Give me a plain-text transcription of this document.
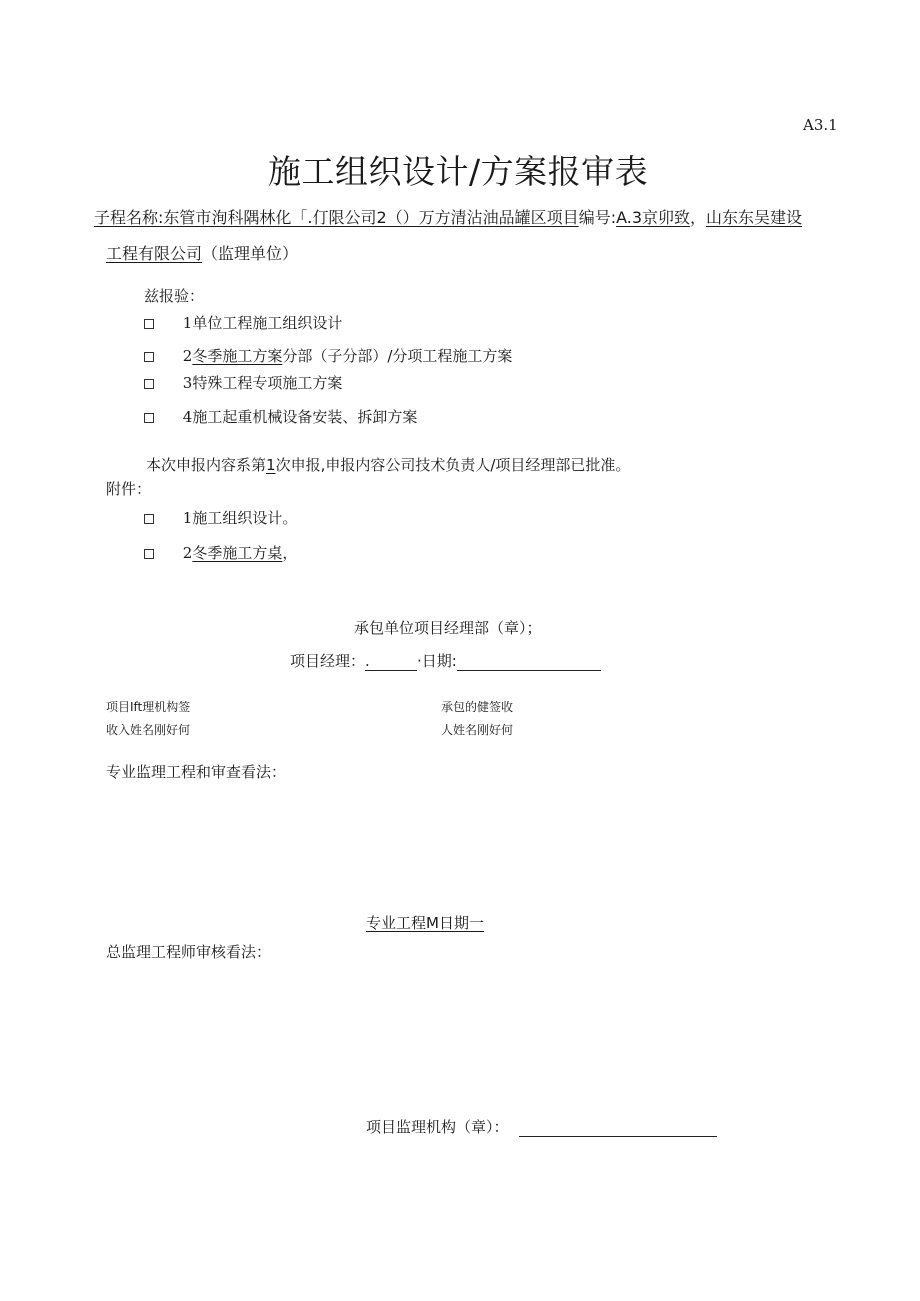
A3.1
施工组织设计/方案报审表
子程名称:东管市洵科隅林化「.仃限公司2（）万方清沾油品罐区项目编号:A.3京卯致，山东东吴建设
工程有限公司（监理单位）
兹报验：
1单位工程施工组织设计
2冬季施工方案分部（子分部）/分项工程施工方案
3特殊工程专项施工方案
4施工起重机械设备安装、拆卸方案
本次申报内容系第1次申报,申报内容公司技术负责人/项目经理部已批准。
附件：
1施工组织设计。
2冬季施工方桌，
承包单位项目经理部（章）；
项目经理：.	·日期:
项目Ift理机构签
收入姓名刚好何
承包的健签收
人姓名刚好何
专业监理工程和审查看法：
专业工程M日期一
总监理工程师审核看法：
项目监理机构（章）：
